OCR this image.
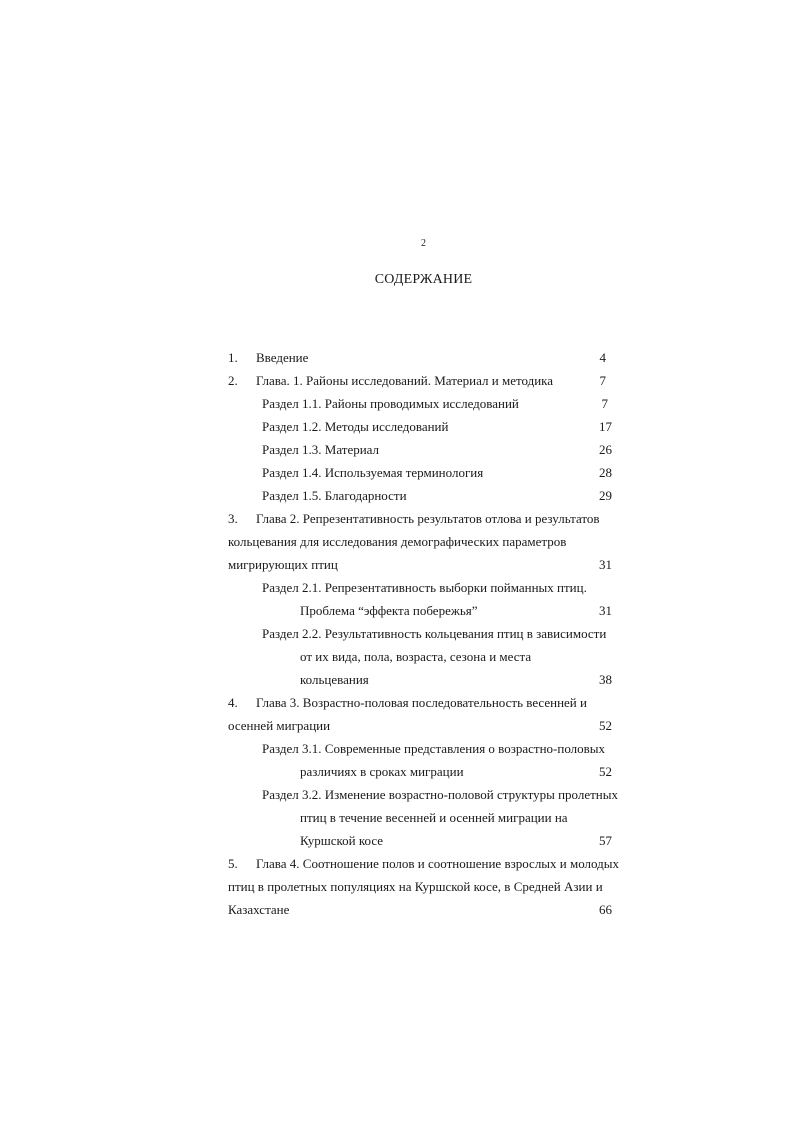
2
СОДЕРЖАНИЕ
1. Введение	4
2. Глава. 1. Районы исследований. Материал и методика	7
Раздел 1.1. Районы проводимых исследований	7
Раздел 1.2. Методы исследований	17
Раздел 1.3. Материал	26
Раздел 1.4. Используемая терминология	28
Раздел 1.5. Благодарности	29
3. Глава 2. Репрезентативность результатов отлова и результатов
кольцевания для исследования демографических параметров
мигрирующих птиц	31
Раздел 2.1. Репрезентативность выборки пойманных птиц.
Проблема “эффекта побережья”	31
Раздел 2.2. Результативность кольцевания птиц в зависимости
от их вида, пола, возраста, сезона и места
кольцевания	38
4. Глава 3. Возрастно-половая последовательность весенней и
осенней миграции	52
Раздел 3.1. Современные представления о возрастно-половых
различиях в сроках миграции	52
Раздел 3.2. Изменение возрастно-половой структуры пролетных
птиц в течение весенней и осенней миграции на
Куршской косе	57
5. Глава 4. Соотношение полов и соотношение взрослых и молодых
птиц в пролетных популяциях на Куршской косе, в Средней Азии и
Казахстане	66
